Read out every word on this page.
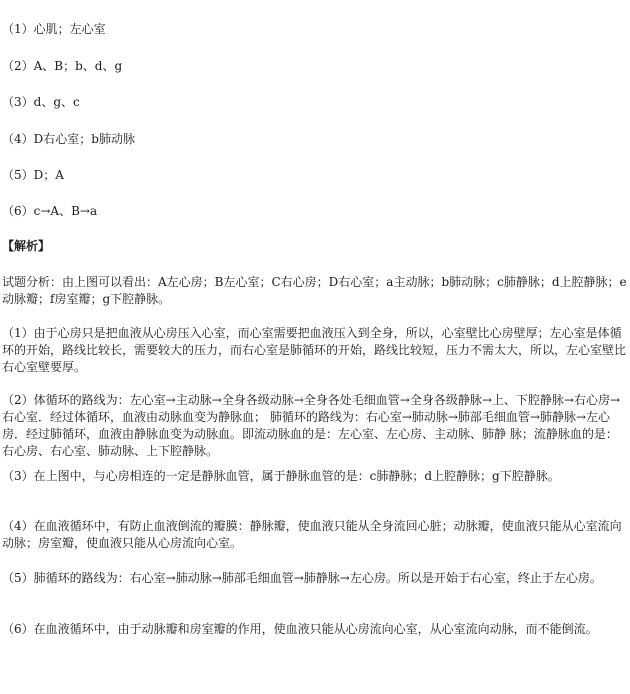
（1）心肌；左心室
（2）A、B；b、d、g
（3）d、g、c
（4）D右心室；b肺动脉
（5）D；A
（6）c→A、B→a
【解析】
试题分析：由上图可以看出：A左心房；B左心室；C右心房；D右心室；a主动脉；b肺动脉；c肺静脉；d上腔静脉；e动脉瓣；f房室瓣；g下腔静脉。
（1）由于心房只是把血液从心房压入心室，而心室需要把血液压入到全身，所以，心室壁比心房壁厚；左心室是体循环的开始，路线比较长，需要较大的压力，而右心室是肺循环的开始，路线比较短，压力不需太大，所以，左心室壁比右心室壁要厚。
（2）体循环的路线为：左心室→主动脉→全身各级动脉→全身各处毛细血管→全身各级静脉→上、下腔静脉→右心房→右心室．经过体循环，血液由动脉血变为静脉血； 肺循环的路线为：右心室→肺动脉→肺部毛细血管→肺静脉→左心房．经过肺循环，血液由静脉血变为动脉血。即流动脉血的是：左心室、左心房、主动脉、肺静 脉；流静脉血的是：右心房、右心室、肺动脉、上下腔静脉。
（3）在上图中，与心房相连的一定是静脉血管，属于静脉血管的是：c肺静脉；d上腔静脉；g下腔静脉。
（4）在血液循环中，有防止血液倒流的瓣膜：静脉瓣，使血液只能从全身流回心脏；动脉瓣，使血液只能从心室流向动脉；房室瓣，使血液只能从心房流向心室。
（5）肺循环的路线为：右心室→肺动脉→肺部毛细血管→肺静脉→左心房。所以是开始于右心室，终止于左心房。
（6）在血液循环中，由于动脉瓣和房室瓣的作用，使血液只能从心房流向心室，从心室流向动脉，而不能倒流。
